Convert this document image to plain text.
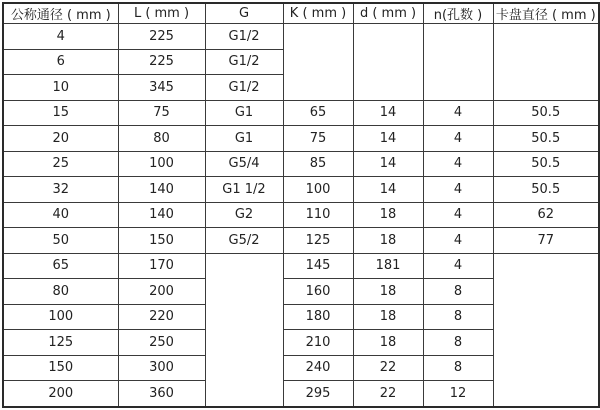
公称通径 ( mm )	L ( mm )	G	K ( mm )	d ( mm )	n(孔数 )	卡盘直径 ( mm )
4	225	G1/2				
6	225	G1/2				
10	345	G1/2				
15	75	G1	65	14	4	50.5
20	80	G1	75	14	4	50.5
25	100	G5/4	85	14	4	50.5
32	140	G1 1/2	100	14	4	50.5
40	140	G2	110	18	4	62
50	150	G5/2	125	18	4	77
65	170		145	181	4	
80	200		160	18	8	
100	220		180	18	8	
125	250		210	18	8	
150	300		240	22	8	
200	360		295	22	12	
